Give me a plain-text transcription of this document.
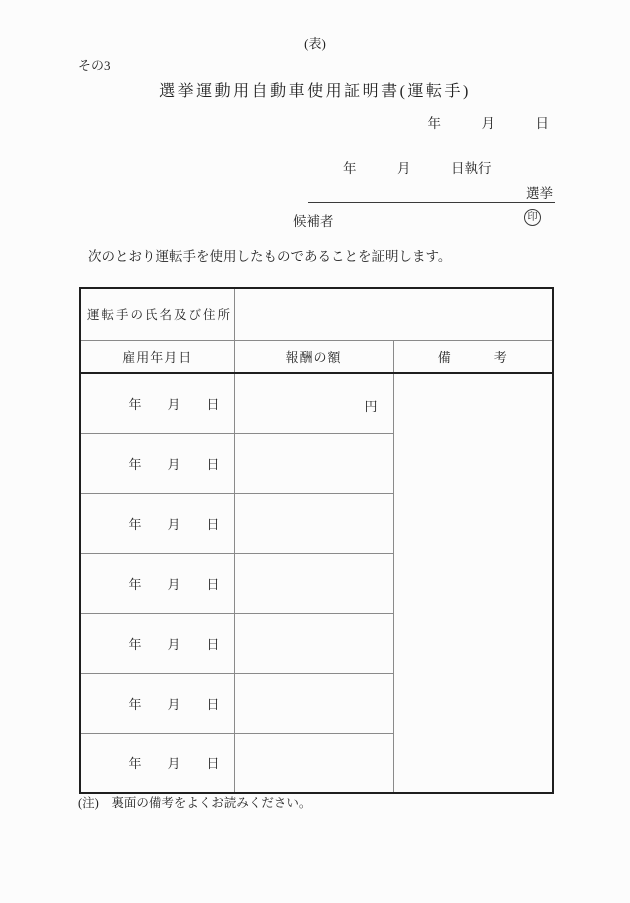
(表)
その3
選挙運動用自動車使用証明書(運転手)
年　　　月　　　日
年　　　月　　　日執行
選挙
候補者	印

次のとおり運転手を使用したものであることを証明します。

運転手の氏名及び住所		
雇用年月日	報酬の額	備　　　考
年　　月　　日	円	
年　　月　　日		
年　　月　　日		
年　　月　　日		
年　　月　　日		
年　　月　　日		
年　　月　　日		

(注)　裏面の備考をよくお読みください。
